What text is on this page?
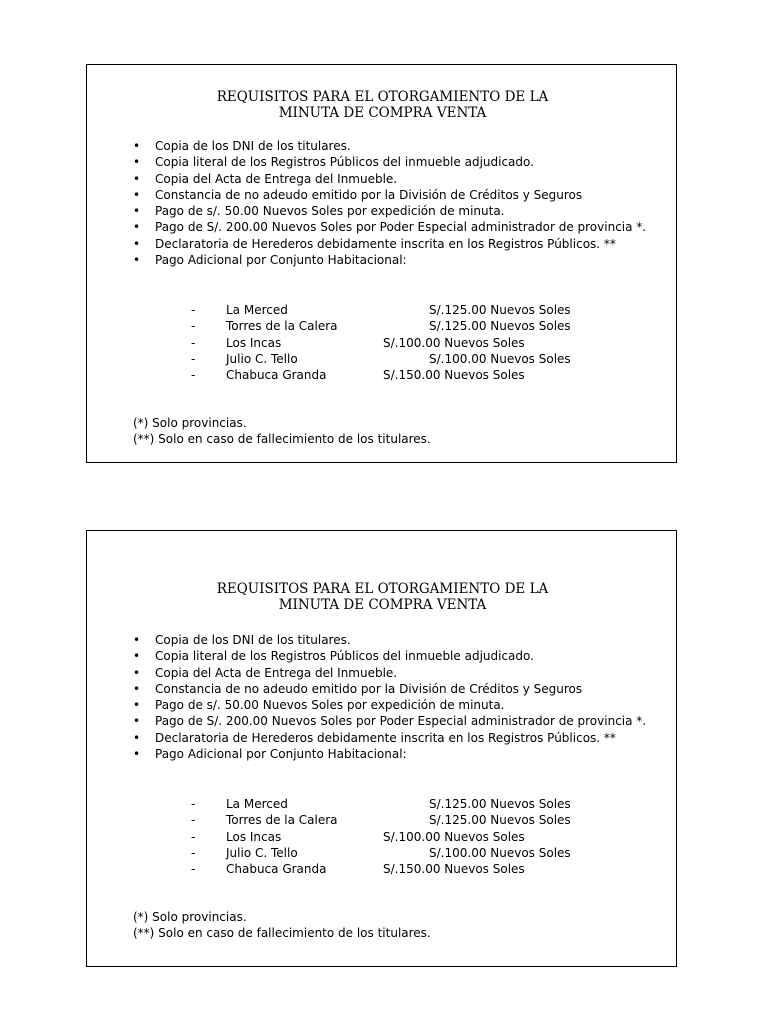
REQUISITOS PARA EL OTORGAMIENTO DE LA
MINUTA DE COMPRA VENTA
• Copia de los DNI de los titulares.
• Copia literal de los Registros Públicos del inmueble adjudicado.
• Copia del Acta de Entrega del Inmueble.
• Constancia de no adeudo emitido por la División de Créditos y Seguros
• Pago de s/. 50.00 Nuevos Soles por expedición de minuta.
• Pago de S/. 200.00 Nuevos Soles por Poder Especial administrador de provincia *.
• Declaratoria de Herederos debidamente inscrita en los Registros Públicos. **
• Pago Adicional por Conjunto Habitacional:
-	La Merced	S/.125.00 Nuevos Soles
-	Torres de la Calera	S/.125.00 Nuevos Soles
-	Los Incas	S/.100.00 Nuevos Soles
-	Julio C. Tello	S/.100.00 Nuevos Soles
-	Chabuca Granda	S/.150.00 Nuevos Soles
(*) Solo provincias.
(**) Solo en caso de fallecimiento de los titulares.
REQUISITOS PARA EL OTORGAMIENTO DE LA
MINUTA DE COMPRA VENTA
• Copia de los DNI de los titulares.
• Copia literal de los Registros Públicos del inmueble adjudicado.
• Copia del Acta de Entrega del Inmueble.
• Constancia de no adeudo emitido por la División de Créditos y Seguros
• Pago de s/. 50.00 Nuevos Soles por expedición de minuta.
• Pago de S/. 200.00 Nuevos Soles por Poder Especial administrador de provincia *.
• Declaratoria de Herederos debidamente inscrita en los Registros Públicos. **
• Pago Adicional por Conjunto Habitacional:
-	La Merced	S/.125.00 Nuevos Soles
-	Torres de la Calera	S/.125.00 Nuevos Soles
-	Los Incas	S/.100.00 Nuevos Soles
-	Julio C. Tello	S/.100.00 Nuevos Soles
-	Chabuca Granda	S/.150.00 Nuevos Soles
(*) Solo provincias.
(**) Solo en caso de fallecimiento de los titulares.
